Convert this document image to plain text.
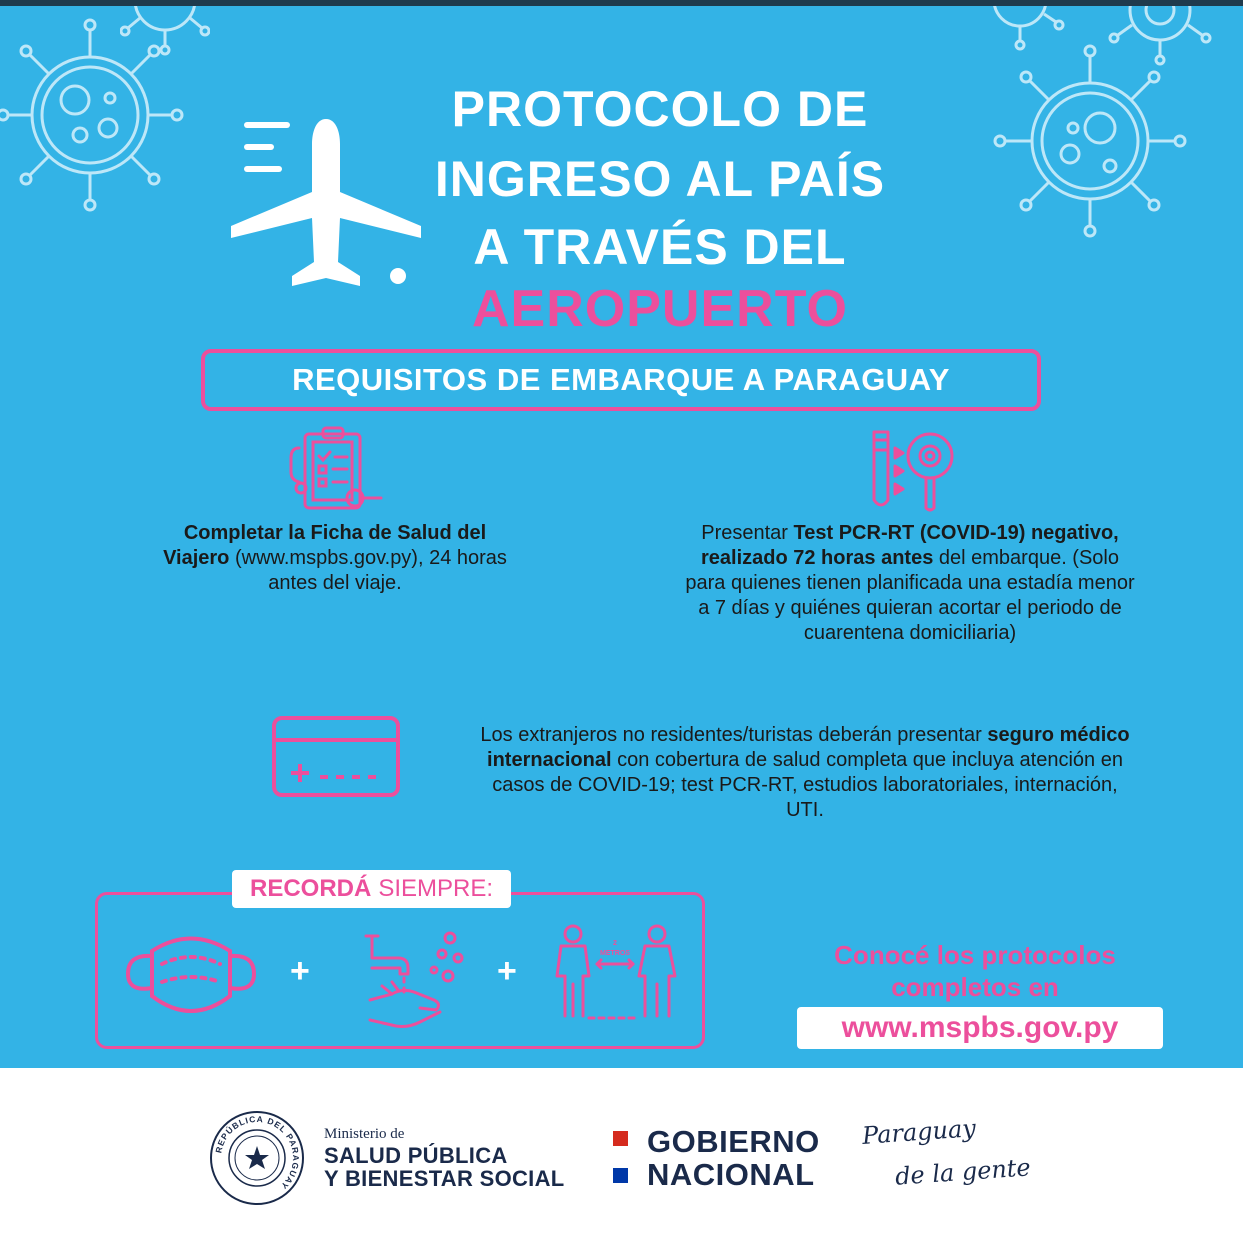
PROTOCOLO DE
INGRESO AL PAÍS
A TRAVÉS DEL
AEROPUERTO
REQUISITOS DE EMBARQUE A PARAGUAY
Completar la Ficha de Salud del Viajero (www.mspbs.gov.py), 24 horas antes del viaje.
Presentar Test PCR-RT (COVID-19) negativo, realizado 72 horas antes del embarque. (Solo para quienes tienen planificada una estadía menor a 7 días y quiénes quieran acortar el periodo de cuarentena domiciliaria)
Los extranjeros no residentes/turistas deberán presentar seguro médico internacional con cobertura de salud completa que incluya atención en casos de COVID-19; test PCR-RT, estudios laboratoriales, internación, UTI.
RECORDÁ SIEMPRE:
+	+
2
METROS	Conocé los protocolos
completos en
www.mspbs.gov.py
REPÚBLICA DEL PARAGUAY
Ministerio de
SALUD PÚBLICA
Y BIENESTAR SOCIAL
GOBIERNO
NACIONAL
Paraguay
de la gente
